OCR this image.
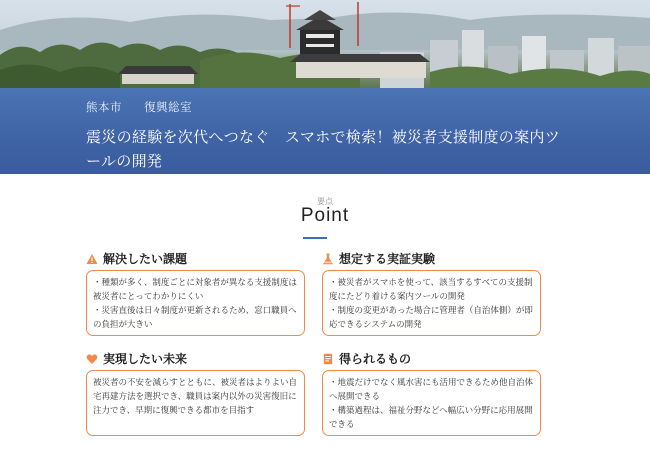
熊本市 復興総室
震災の経験を次代へつなぐ　スマホで検索！被災者支援制度の案内ツールの開発
要点
Point
解決したい課題

・種類が多く、制度ごとに対象者が異なる支援制度は被災者にとってわかりにくい

・災害直後は日々制度が更新されるため、窓口職員への負担が大きい

想定する実証実験

・被災者がスマホを使って、該当するすべての支援制度にたどり着ける案内ツールの開発

・制度の変更があった場合に管理者（自治体側）が即応できるシステムの開発

実現したい未来

被災者の不安を減らすとともに、被災者はよりよい自宅再建方法を選択でき、職員は案内以外の災害復旧に注力でき、早期に復興できる都市を目指す

得られるもの

・地震だけでなく風水害にも活用できるため他自治体へ展開できる

・構築過程は、福祉分野などへ幅広い分野に応用展開できる
